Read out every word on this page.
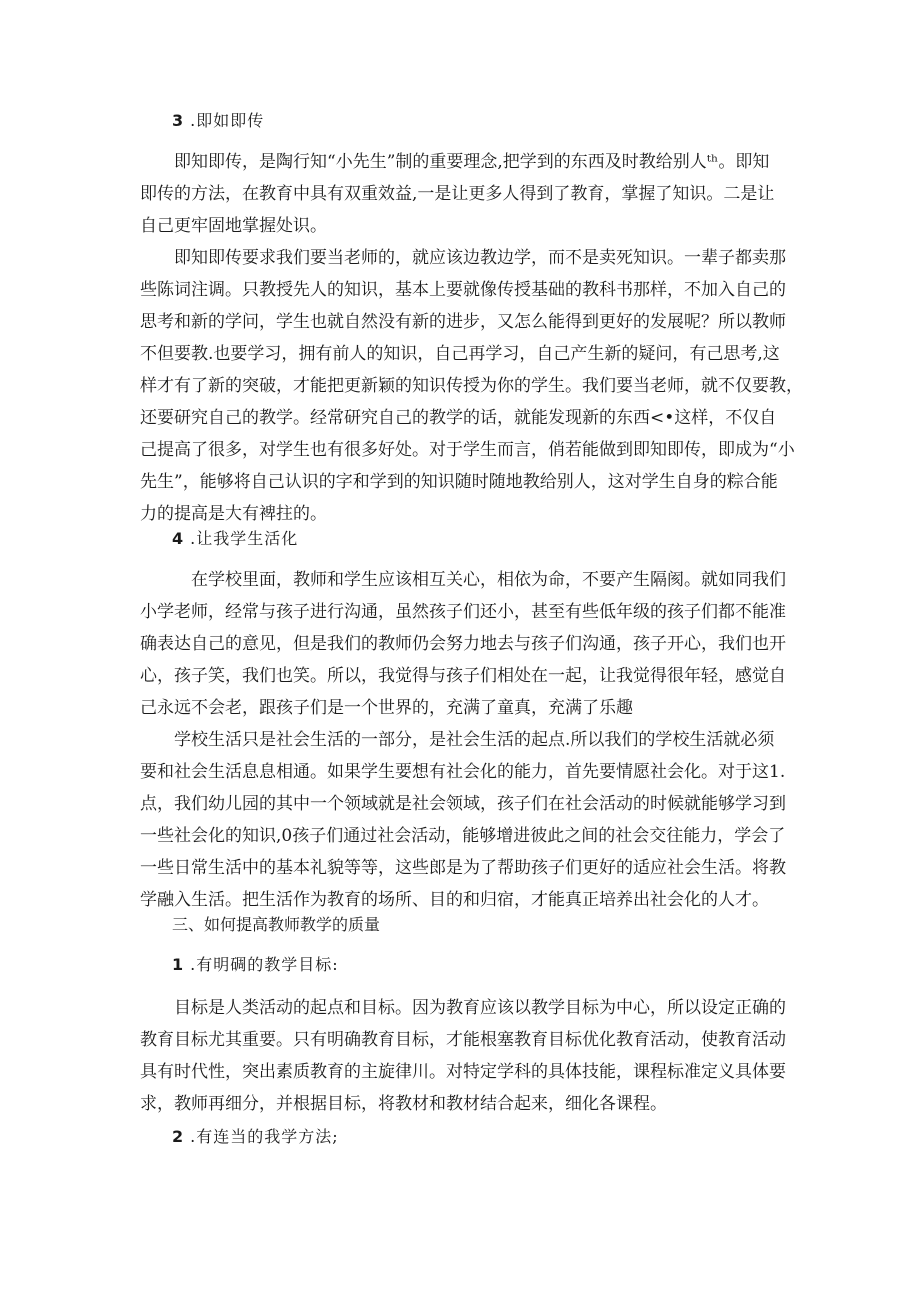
3 .即如即传
　　即知即传，是陶行知“小先生”制的重要理念,把学到的东西及时教给别人ᵗʰ。即知
即传的方法，在教育中具有双重效益,一是让更多人得到了教育，掌握了知识。二是让
自己更牢固地掌握处识。
　　即知即传要求我们要当老师的，就应该边教边学，而不是卖死知识。一辈子都卖那
些陈词注调。只教授先人的知识，基本上要就像传授基础的教科书那样，不加入自己的
思考和新的学问，学生也就自然没有新的进步，又怎么能得到更好的发展呢？所以教师
不但要教.也要学习，拥有前人的知识，自己再学习，自己产生新的疑问，有己思考,这
样才有了新的突破，才能把更新颖的知识传授为你的学生。我们要当老师，就不仅要教，
还要研究自己的教学。经常研究自己的教学的话，就能发现新的东西<•这样，不仅自
己提高了很多，对学生也有很多好处。对于学生而言，俏若能做到即知即传，即成为“小
先生”，能够将自己认识的字和学到的知识随时随地教给别人，这对学生自身的粽合能
力的提高是大有裨拄的。
4 .让我学生活化
　　　在学校里面，教师和学生应该相互关心，相依为命，不要产生隔阂。就如同我们
小学老师，经常与孩子进行沟通，虽然孩子们还小，甚至有些低年级的孩子们都不能准
确表达自己的意见，但是我们的教师仍会努力地去与孩子们沟通，孩子开心，我们也开
心，孩子笑，我们也笑。所以，我觉得与孩子们相处在一起，让我觉得很年轻，感觉自
己永远不会老，跟孩子们是一个世界的，充满了童真，充满了乐趣
　　学校生活只是社会生活的一部分，是社会生活的起点.所以我们的学校生活就必须
要和社会生活息息相通。如果学生要想有社会化的能力，首先要情愿社会化。对于这1.
点，我们幼儿园的其中一个领域就是社会领域，孩子们在社会活动的时候就能够学习到
一些社会化的知识,0孩子们通过社会活动，能够增进彼此之间的社会交往能力，学会了
一些日常生活中的基本礼貌等等，这些郎是为了帮助孩子们更好的适应社会生活。将教
学融入生活。把生活作为教育的场所、目的和归宿，才能真正培养出社会化的人才。
三、如何提高教师教学的质量
1 .有明碉的教学目标:
　　目标是人类活动的起点和目标。因为教育应该以教学目标为中心，所以设定正确的
教育目标尤其重要。只有明确教育目标，才能根塞教育目标优化教育活动，使教育活动
具有时代性，突出素质教育的主旋律川。对特定学科的具体技能，课程标准定义具体要
求，教师再细分，并根据目标，将教材和教材结合起来，细化各课程。
2 .有连当的我学方法;
